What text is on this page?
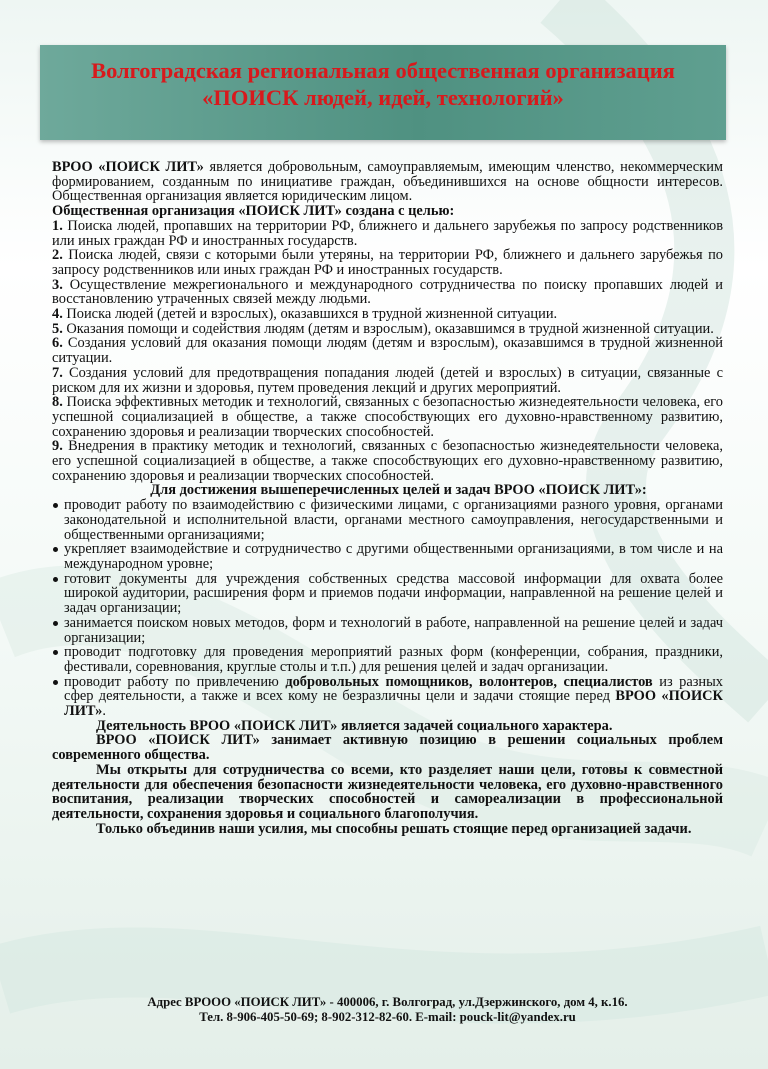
Волгоградская региональная общественная организация
«ПОИСК людей, идей, технологий»

ВРОО «ПОИСК ЛИТ» является добровольным, самоуправляемым, имеющим членство, некоммерческим формированием, созданным по инициативе граждан, объединившихся на основе общности интересов. Общественная организация является юридическим лицом.

Общественная организация «ПОИСК ЛИТ» создана с целью:

1. Поиска людей, пропавших на территории РФ, ближнего и дальнего зарубежья по запросу родственников или иных граждан РФ и иностранных государств.

2. Поиска людей, связи с которыми были утеряны, на территории РФ, ближнего и дальнего зарубежья по запросу родственников или иных граждан РФ и иностранных государств.

3. Осуществление межрегионального и международного сотрудничества по поиску пропавших людей и восстановлению утраченных связей между людьми.

4. Поиска людей (детей и взрослых), оказавшихся в трудной жизненной ситуации.

5. Оказания помощи и содействия людям (детям и взрослым), оказавшимся в трудной жизненной ситуации.

6. Создания условий для оказания помощи людям (детям и взрослым), оказавшимся в трудной жизненной ситуации.

7. Создания условий для предотвращения попадания людей (детей и взрослых) в ситуации, связанные с риском для их жизни и здоровья, путем проведения лекций и других мероприятий.

8. Поиска эффективных методик и технологий, связанных с безопасностью жизнедеятельности человека, его успешной социализацией в обществе, а также способствующих его духовно-нравственному развитию, сохранению здоровья и реализации творческих способностей.

9. Внедрения в практику методик и технологий, связанных с безопасностью жизнедеятельности человека, его успешной социализацией в обществе, а также способствующих его духовно-нравственному развитию, сохранению здоровья и реализации творческих способностей.

Для достижения вышеперечисленных целей и задач ВРОО «ПОИСК ЛИТ»:

проводит работу по взаимодействию с физическими лицами, с организациями разного уровня, органами законодательной и исполнительной власти, органами местного самоуправления, негосударственными и общественными организациями;
укрепляет взаимодействие и сотрудничество с другими общественными организациями, в том числе и на международном уровне;
готовит документы для учреждения собственных средства массовой информации для охвата более широкой аудитории, расширения форм и приемов подачи информации, направленной на решение целей и задач организации;
занимается поиском новых методов, форм и технологий в работе, направленной на решение целей и задач организации;
проводит подготовку для проведения мероприятий разных форм (конференции, собрания, праздники, фестивали, соревнования, круглые столы и т.п.) для решения целей и задач организации.
проводит работу по привлечению добровольных помощников, волонтеров, специалистов из разных сфер деятельности, а также и всех кому не безразличны цели и задачи стоящие перед ВРОО «ПОИСК ЛИТ».

Деятельность ВРОО «ПОИСК ЛИТ» является задачей социального характера.

ВРОО «ПОИСК ЛИТ» занимает активную позицию в решении социальных проблем современного общества.

Мы открыты для сотрудничества со всеми, кто разделяет наши цели, готовы к совместной деятельности для обеспечения безопасности жизнедеятельности человека, его духовно-нравственного воспитания, реализации творческих способностей и самореализации в профессиональной деятельности, сохранения здоровья и социального благополучия.

Только объединив наши усилия, мы способны решать стоящие перед организацией задачи.

Адрес ВРООО «ПОИСК ЛИТ» - 400006, г. Волгоград, ул.Дзержинского, дом 4, к.16.
Тел. 8-906-405-50-69; 8-902-312-82-60. E-mail: pouck-lit@yandex.ru
